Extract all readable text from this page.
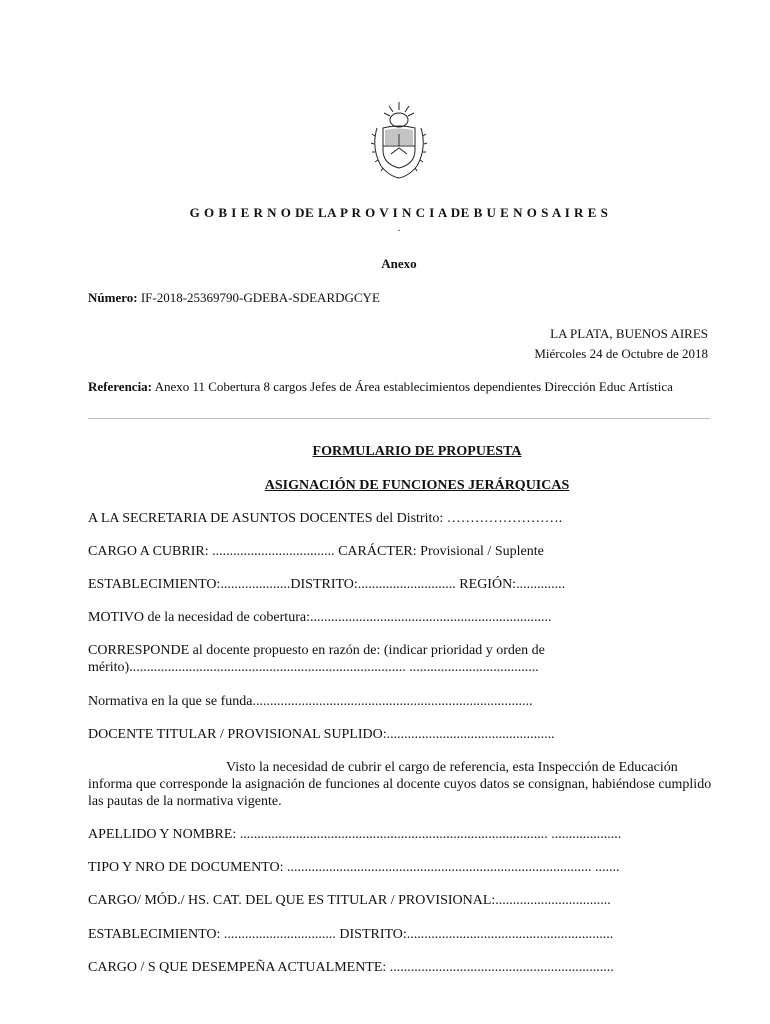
G O B I E R N O DE LA P R O V I N C I A DE B U E N O S A I R E S
.
Anexo
Número: IF-2018-25369790-GDEBA-SDEARDGCYE
LA PLATA, BUENOS AIRES
Miércoles 24 de Octubre de 2018
Referencia: Anexo 11 Cobertura 8 cargos Jefes de Área establecimientos dependientes Dirección Educ Artística
FORMULARIO DE PROPUESTA
ASIGNACIÓN DE FUNCIONES JERÁRQUICAS
A LA SECRETARIA DE ASUNTOS DOCENTES del Distrito: …………………….
CARGO A CUBRIR: ................................... CARÁCTER: Provisional / Suplente
ESTABLECIMIENTO:....................DISTRITO:............................ REGIÓN:..............
MOTIVO de la necesidad de cobertura:.....................................................................
CORRESPONDE al docente propuesto en razón de: (indicar prioridad y orden de mérito)............................................................................... .....................................
Normativa en la que se funda................................................................................
DOCENTE TITULAR / PROVISIONAL SUPLIDO:................................................
Visto la necesidad de cubrir el cargo de referencia, esta Inspección de Educación informa que corresponde la asignación de funciones al docente cuyos datos se consignan, habiéndose cumplido las pautas de la normativa vigente.
APELLIDO Y NOMBRE: ........................................................................................ ....................
TIPO Y NRO DE DOCUMENTO: ....................................................................................... .......
CARGO/ MÓD./ HS. CAT. DEL QUE ES TITULAR / PROVISIONAL:.................................
ESTABLECIMIENTO: ................................ DISTRITO:...........................................................
CARGO / S QUE DESEMPEÑA ACTUALMENTE: ................................................................
